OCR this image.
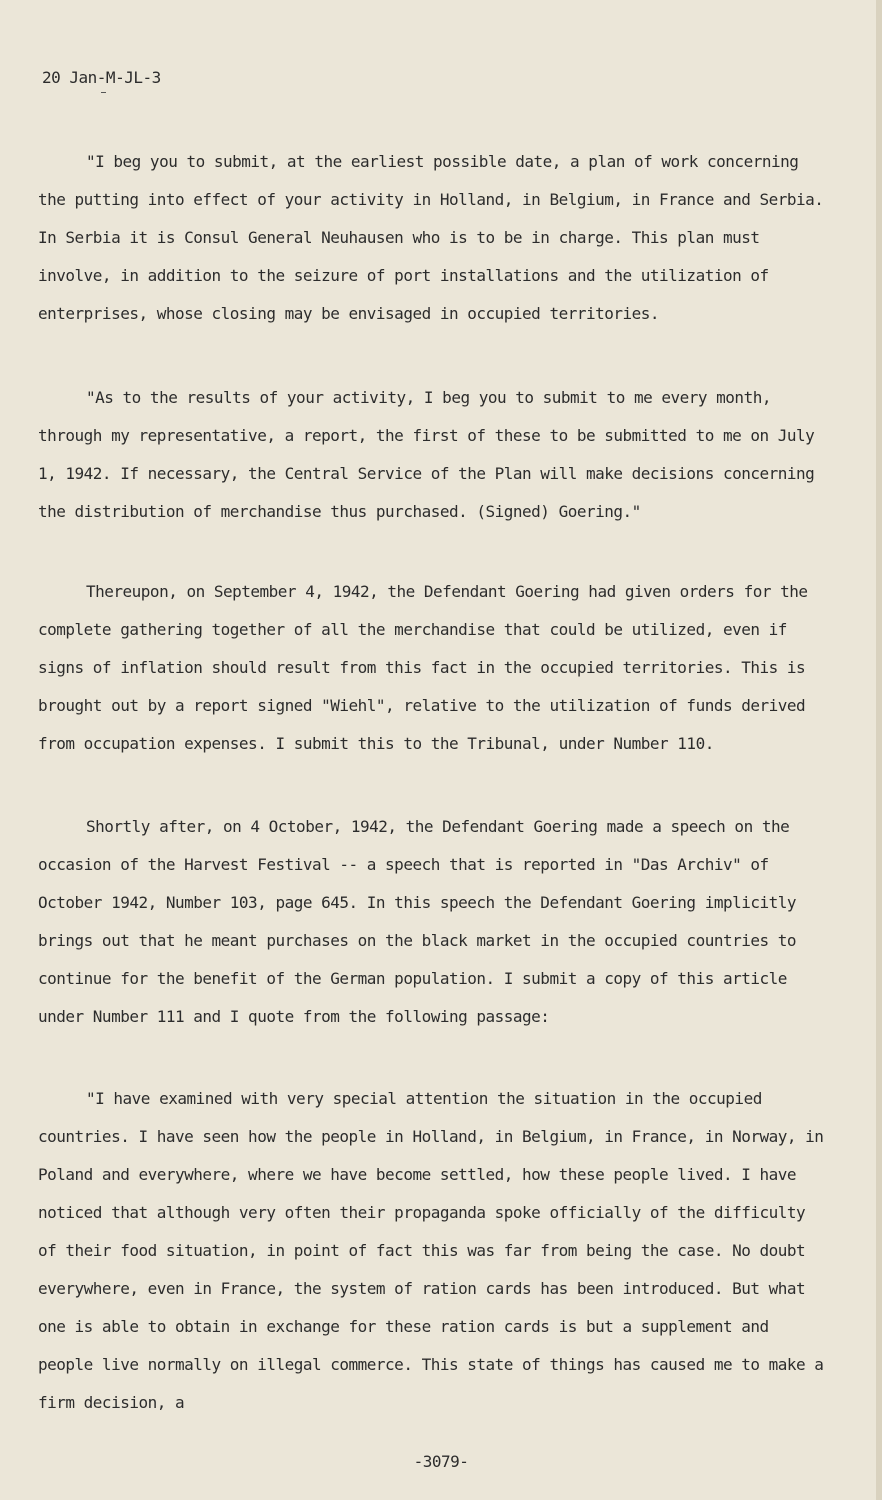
20 Jan-M-JL-3

"I beg you to submit, at the earliest possible date, a plan of work concerning the putting into effect of your activity in Holland, in Belgium, in France and Serbia. In Serbia it is Consul General Neuhausen who is to be in charge. This plan must involve, in addition to the seizure of port installations and the utilization of enterprises, whose closing may be envisaged in occupied territories.

"As to the results of your activity, I beg you to submit to me every month, through my representative, a report, the first of these to be submitted to me on July 1, 1942. If necessary, the Central Service of the Plan will make decisions concerning the distribution of merchandise thus purchased. (Signed) Goering."

Thereupon, on September 4, 1942, the Defendant Goering had given orders for the complete gathering together of all the merchandise that could be utilized, even if signs of inflation should result from this fact in the occupied territories. This is brought out by a report signed "Wiehl", relative to the utilization of funds derived from occupation expenses. I submit this to the Tribunal, under Number 110.

Shortly after, on 4 October, 1942, the Defendant Goering made a speech on the occasion of the Harvest Festival -- a speech that is reported in "Das Archiv" of October 1942, Number 103, page 645. In this speech the Defendant Goering implicitly brings out that he meant purchases on the black market in the occupied countries to continue for the benefit of the German population. I submit a copy of this article under Number 111 and I quote from the following passage:

"I have examined with very special attention the situation in the occupied countries. I have seen how the people in Holland, in Belgium, in France, in Norway, in Poland and everywhere, where we have become settled, how these people lived. I have noticed that although very often their propaganda spoke officially of the difficulty of their food situation, in point of fact this was far from being the case. No doubt everywhere, even in France, the system of ration cards has been introduced. But what one is able to obtain in exchange for these ration cards is but a supplement and people live normally on illegal commerce. This state of things has caused me to make a firm decision, a

-3079-
